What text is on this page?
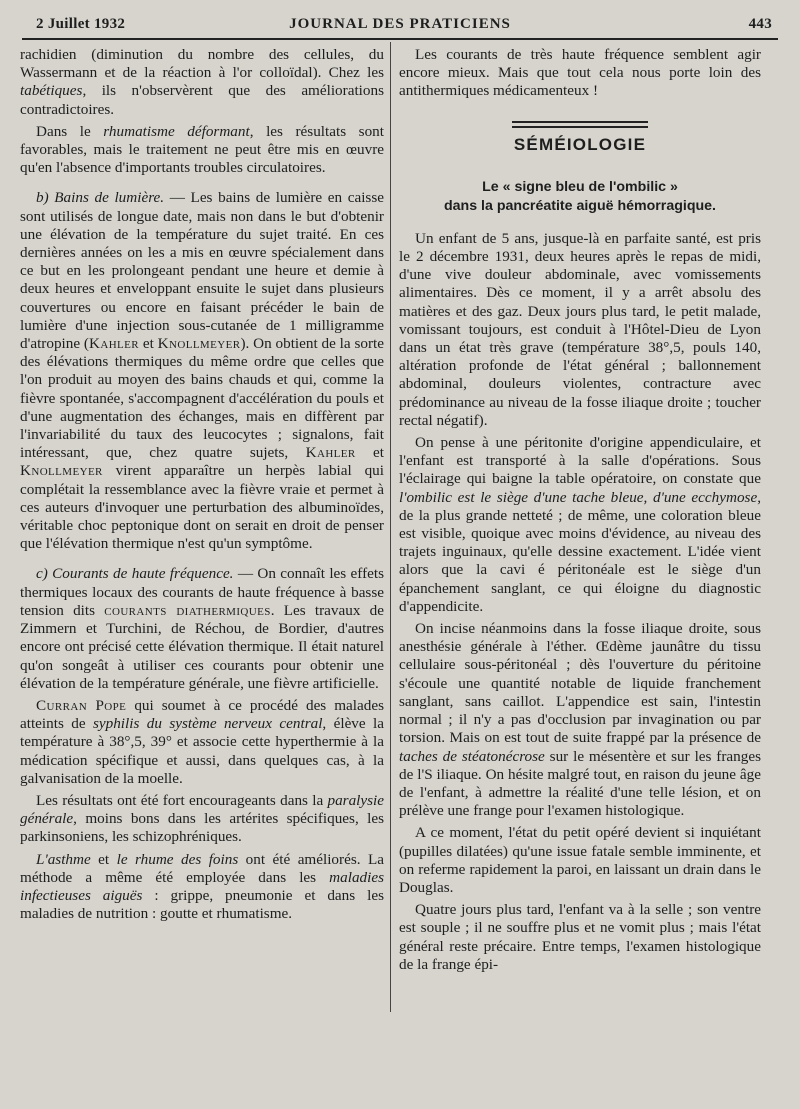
2 Juillet 1932	JOURNAL DES PRATICIENS	443

rachidien (diminution du nombre des cellules, du Wassermann et de la réaction à l'or colloïdal). Chez les tabétiques, ils n'observèrent que des améliorations contradictoires.

Dans le rhumatisme déformant, les résultats sont favorables, mais le traitement ne peut être mis en œuvre qu'en l'absence d'importants troubles circulatoires.

b) Bains de lumière. — Les bains de lumière en caisse sont utilisés de longue date, mais non dans le but d'obtenir une élévation de la température du sujet traité. En ces dernières années on les a mis en œuvre spécialement dans ce but en les prolongeant pendant une heure et demie à deux heures et enveloppant ensuite le sujet dans plusieurs couvertures ou encore en faisant précéder le bain de lumière d'une injection sous-cutanée de 1 milligramme d'atropine (Kahler et Knollmeyer). On obtient de la sorte des élévations thermiques du même ordre que celles que l'on produit au moyen des bains chauds et qui, comme la fièvre spontanée, s'accompagnent d'accélération du pouls et d'une augmentation des échanges, mais en diffèrent par l'invariabilité du taux des leucocytes ; signalons, fait intéressant, que, chez quatre sujets, Kahler et Knollmeyer virent apparaître un herpès labial qui complétait la ressemblance avec la fièvre vraie et permet à ces auteurs d'invoquer une perturbation des albuminoïdes, véritable choc peptonique dont on serait en droit de penser que l'élévation thermique n'est qu'un symptôme.

c) Courants de haute fréquence. — On connaît les effets thermiques locaux des courants de haute fréquence à basse tension dits courants diathermiques. Les travaux de Zimmern et Turchini, de Réchou, de Bordier, d'autres encore ont précisé cette élévation thermique. Il était naturel qu'on songeât à utiliser ces courants pour obtenir une élévation de la température générale, une fièvre artificielle.

Curran Pope qui soumet à ce procédé des malades atteints de syphilis du système nerveux central, élève la température à 38°,5, 39° et associe cette hyperthermie à la médication spécifique et aussi, dans quelques cas, à la galvanisation de la moelle.

Les résultats ont été fort encourageants dans la paralysie générale, moins bons dans les artérites spécifiques, les parkinsoniens, les schizophréniques.

L'asthme et le rhume des foins ont été améliorés. La méthode a même été employée dans les maladies infectieuses aiguës : grippe, pneumonie et dans les maladies de nutrition : goutte et rhumatisme.

Les courants de très haute fréquence semblent agir encore mieux. Mais que tout cela nous porte loin des antithermiques médicamenteux !

SÉMÉIOLOGIE
Le « signe bleu de l'ombilic »
dans la pancréatite aiguë hémorragique.

Un enfant de 5 ans, jusque-là en parfaite santé, est pris le 2 décembre 1931, deux heures après le repas de midi, d'une vive douleur abdominale, avec vomissements alimentaires. Dès ce moment, il y a arrêt absolu des matières et des gaz. Deux jours plus tard, le petit malade, vomissant toujours, est conduit à l'Hôtel-Dieu de Lyon dans un état très grave (température 38°,5, pouls 140, altération profonde de l'état général ; ballonnement abdominal, douleurs violentes, contracture avec prédominance au niveau de la fosse iliaque droite ; toucher rectal négatif).

On pense à une péritonite d'origine appendiculaire, et l'enfant est transporté à la salle d'opérations. Sous l'éclairage qui baigne la table opératoire, on constate que l'ombilic est le siège d'une tache bleue, d'une ecchymose, de la plus grande netteté ; de même, une coloration bleue est visible, quoique avec moins d'évidence, au niveau des trajets inguinaux, qu'elle dessine exactement. L'idée vient alors que la cavi é péritonéale est le siège d'un épanchement sanglant, ce qui éloigne du diagnostic d'appendicite.

On incise néanmoins dans la fosse iliaque droite, sous anesthésie générale à l'éther. Œdème jaunâtre du tissu cellulaire sous-péritonéal ; dès l'ouverture du péritoine s'écoule une quantité notable de liquide franchement sanglant, sans caillot. L'appendice est sain, l'intestin normal ; il n'y a pas d'occlusion par invagination ou par torsion. Mais on est tout de suite frappé par la présence de taches de stéatonécrose sur le mésentère et sur les franges de l'S iliaque. On hésite malgré tout, en raison du jeune âge de l'enfant, à admettre la réalité d'une telle lésion, et on prélève une frange pour l'examen histologique.

A ce moment, l'état du petit opéré devient si inquiétant (pupilles dilatées) qu'une issue fatale semble imminente, et on referme rapidement la paroi, en laissant un drain dans le Douglas.

Quatre jours plus tard, l'enfant va à la selle ; son ventre est souple ; il ne souffre plus et ne vomit plus ; mais l'état général reste précaire. Entre temps, l'examen histologique de la frange épi-
